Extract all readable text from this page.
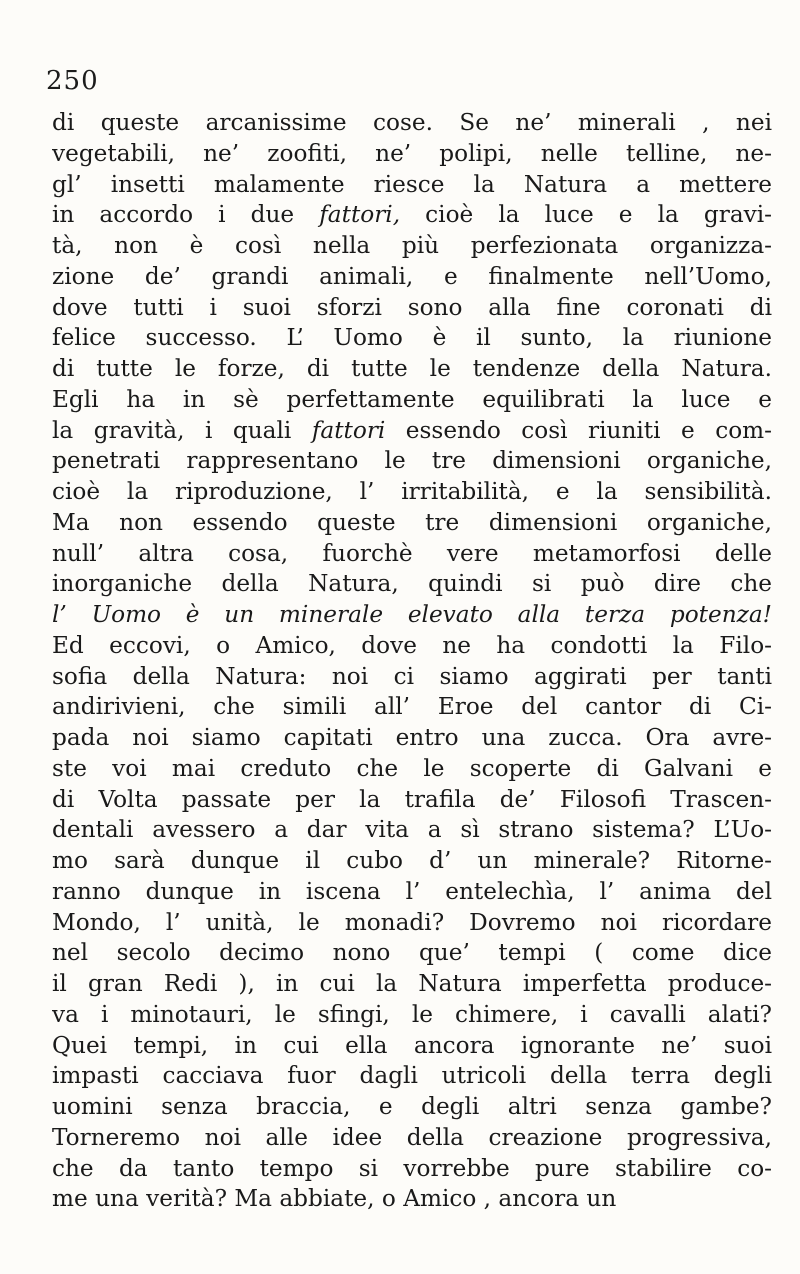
250
di queste arcanissime cose. Se ne’ minerali , nei
vegetabili, ne’ zoofiti, ne’ polipi, nelle telline, ne-
gl’ insetti malamente riesce la Natura a mettere
in accordo i due fattori, cioè la luce e la gravi-
tà, non è così nella più perfezionata organizza-
zione de’ grandi animali, e finalmente nell’Uomo,
dove tutti i suoi sforzi sono alla fine coronati di
felice successo. L’ Uomo è il sunto, la riunione
di tutte le forze, di tutte le tendenze della Natura.
Egli ha in sè perfettamente equilibrati la luce e
la gravità, i quali fattori essendo così riuniti e com-
penetrati rappresentano le tre dimensioni organiche,
cioè la riproduzione, l’ irritabilità, e la sensibilità.
Ma non essendo queste tre dimensioni organiche,
null’ altra cosa, fuorchè vere metamorfosi delle
inorganiche della Natura, quindi si può dire che
l’ Uomo è un minerale elevato alla terza potenza!
Ed eccovi, o Amico, dove ne ha condotti la Filo-
sofia della Natura: noi ci siamo aggirati per tanti
andirivieni, che simili all’ Eroe del cantor di Ci-
pada noi siamo capitati entro una zucca. Ora avre-
ste voi mai creduto che le scoperte di Galvani e
di Volta passate per la trafila de’ Filosofi Trascen-
dentali avessero a dar vita a sì strano sistema? L’Uo-
mo sarà dunque il cubo d’ un minerale? Ritorne-
ranno dunque in iscena l’ entelechìa, l’ anima del
Mondo, l’ unità, le monadi? Dovremo noi ricordare
nel secolo decimo nono que’ tempi ( come dice
il gran Redi ), in cui la Natura imperfetta produce-
va i minotauri, le sfingi, le chimere, i cavalli alati?
Quei tempi, in cui ella ancora ignorante ne’ suoi
impasti cacciava fuor dagli utricoli della terra degli
uomini senza braccia, e degli altri senza gambe?
Torneremo noi alle idee della creazione progressiva,
che da tanto tempo si vorrebbe pure stabilire co-
me una verità? Ma abbiate, o Amico , ancora un
